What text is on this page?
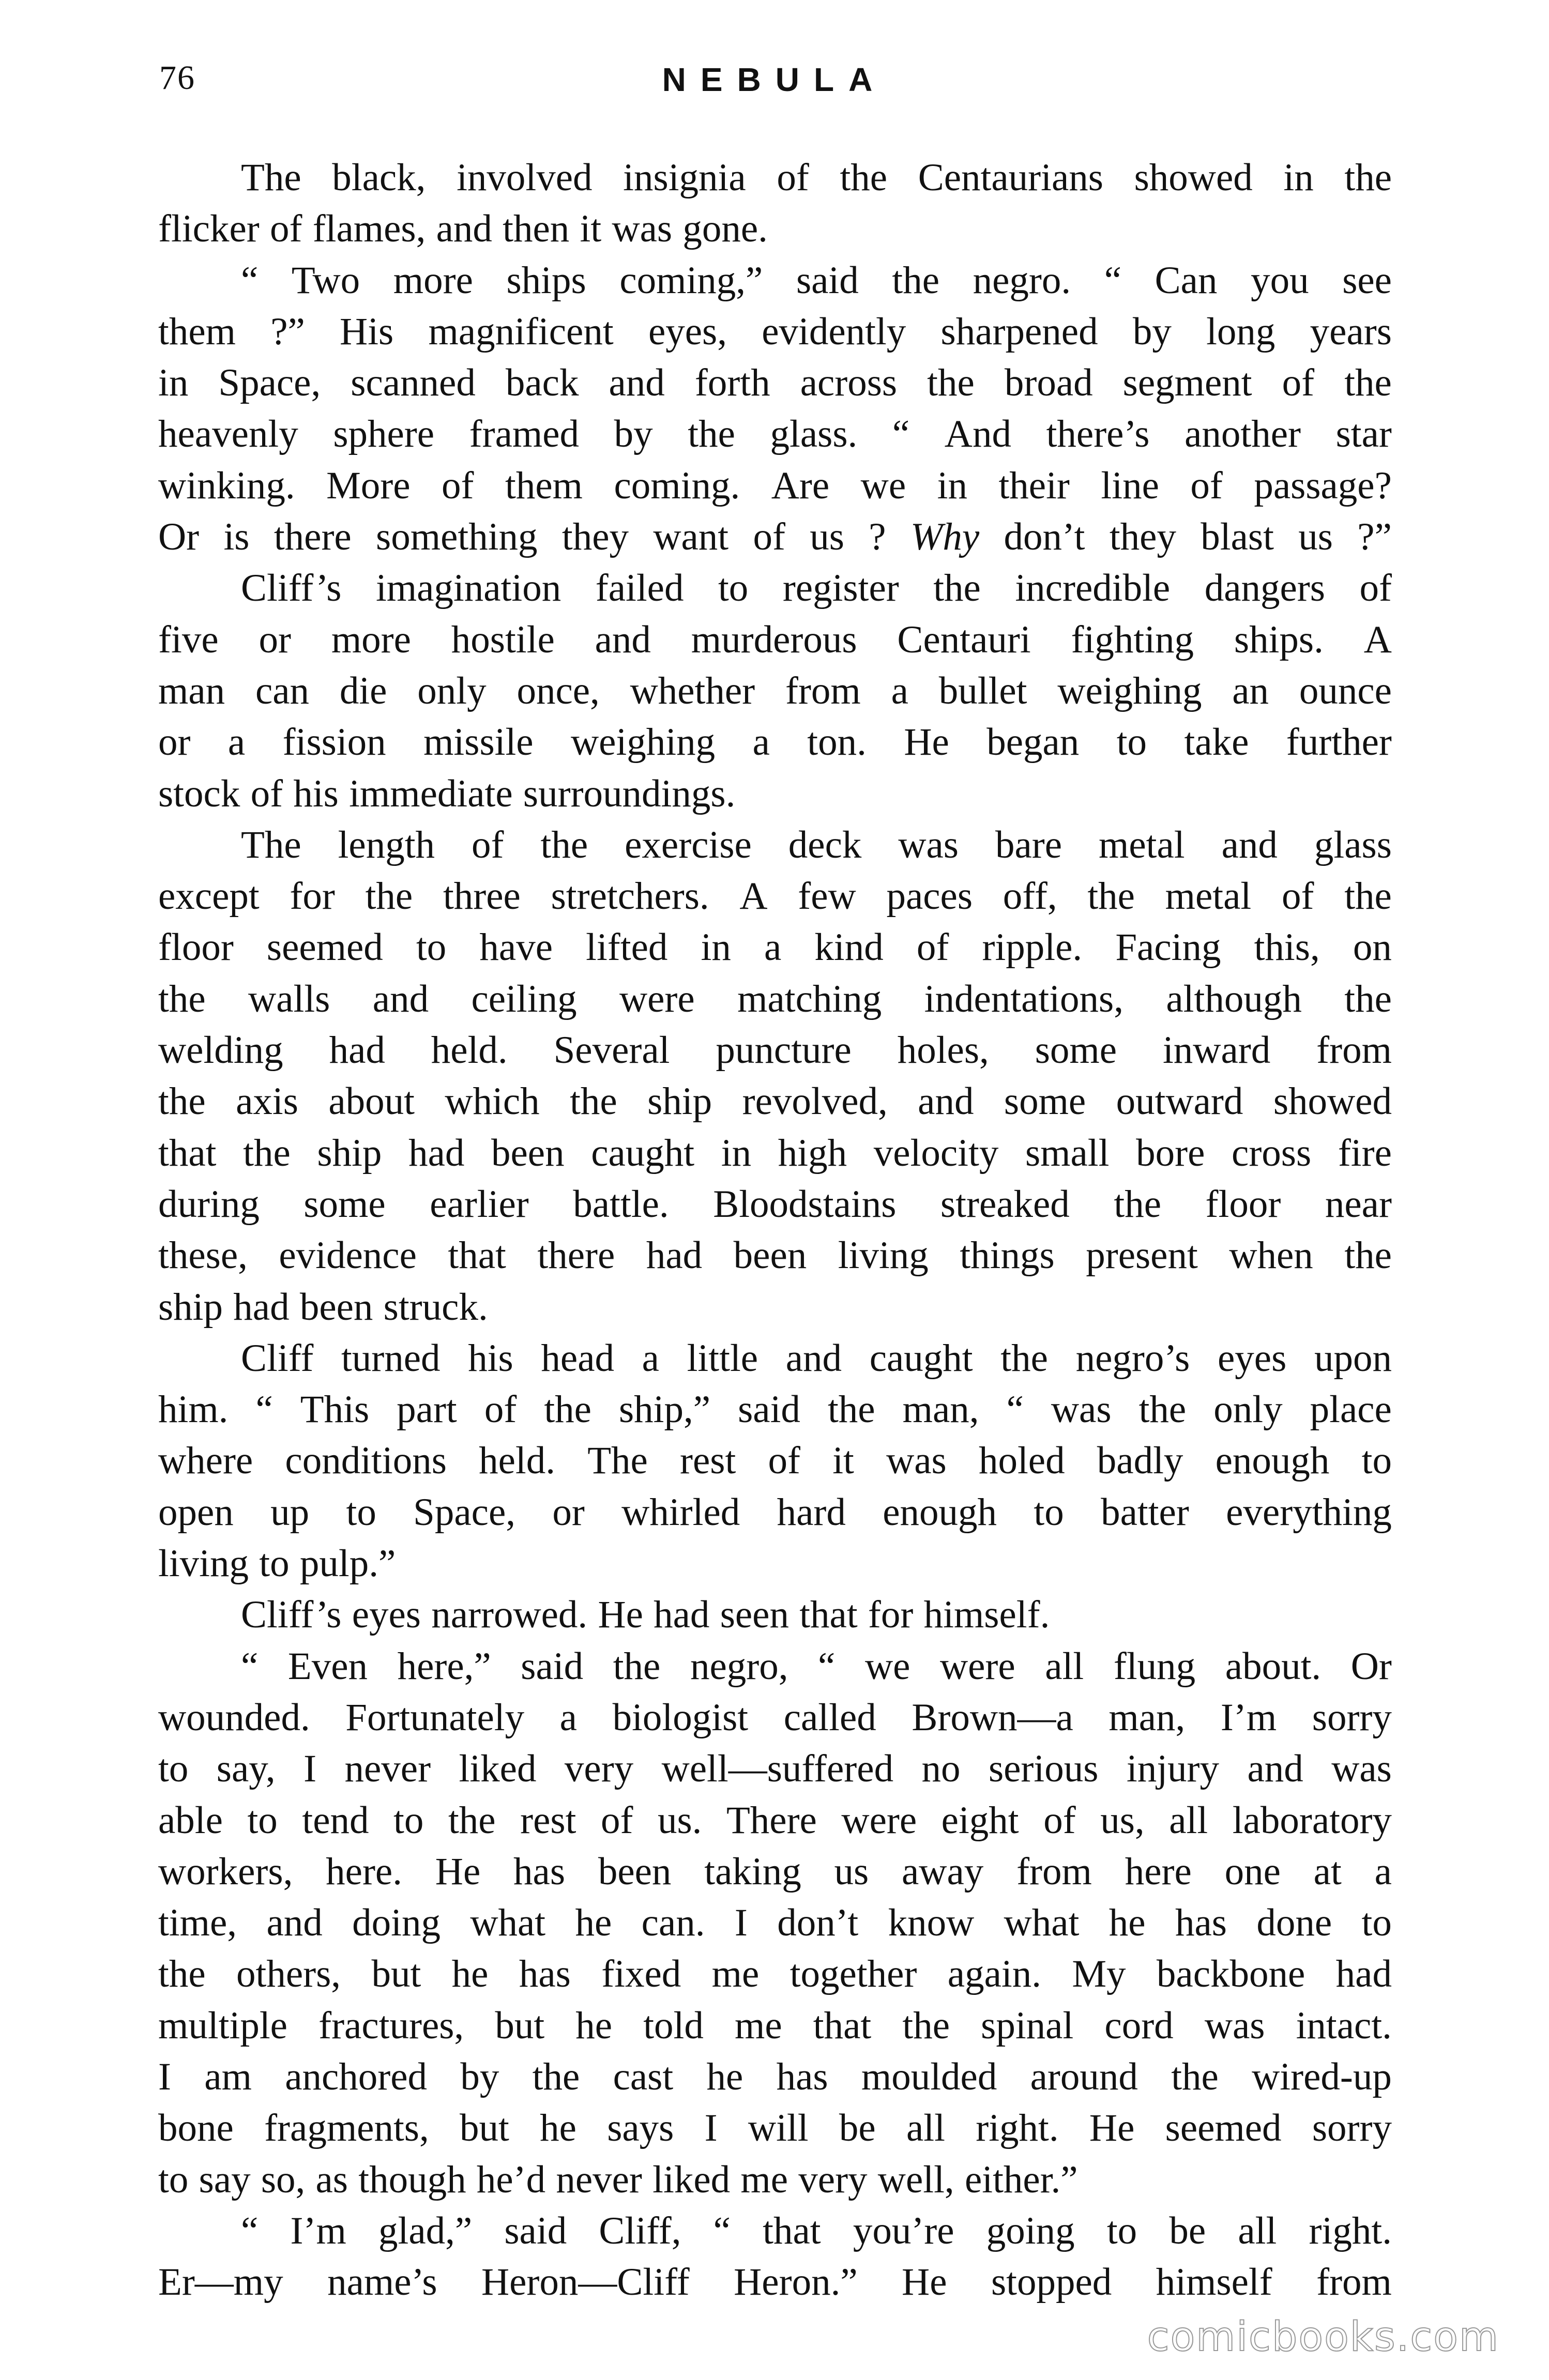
76	NEBULA
The black, involved insignia of the Centaurians showed in the
flicker of flames, and then it was gone.
“ Two more ships coming,” said the negro. “ Can you see
them ?” His magnificent eyes, evidently sharpened by long years
in Space, scanned back and forth across the broad segment of the
heavenly sphere framed by the glass. “ And there’s another star
winking. More of them coming. Are we in their line of passage?
Or is there something they want of us ? Why don’t they blast us ?”
Cliff’s imagination failed to register the incredible dangers of
five or more hostile and murderous Centauri fighting ships. A
man can die only once, whether from a bullet weighing an ounce
or a fission missile weighing a ton. He began to take further
stock of his immediate surroundings.
The length of the exercise deck was bare metal and glass
except for the three stretchers. A few paces off, the metal of the
floor seemed to have lifted in a kind of ripple. Facing this, on
the walls and ceiling were matching indentations, although the
welding had held. Several puncture holes, some inward from
the axis about which the ship revolved, and some outward showed
that the ship had been caught in high velocity small bore cross fire
during some earlier battle. Bloodstains streaked the floor near
these, evidence that there had been living things present when the
ship had been struck.
Cliff turned his head a little and caught the negro’s eyes upon
him. “ This part of the ship,” said the man, “ was the only place
where conditions held. The rest of it was holed badly enough to
open up to Space, or whirled hard enough to batter everything
living to pulp.”
Cliff’s eyes narrowed. He had seen that for himself.
“ Even here,” said the negro, “ we were all flung about. Or
wounded. Fortunately a biologist called Brown—a man, I’m sorry
to say, I never liked very well—suffered no serious injury and was
able to tend to the rest of us. There were eight of us, all laboratory
workers, here. He has been taking us away from here one at a
time, and doing what he can. I don’t know what he has done to
the others, but he has fixed me together again. My backbone had
multiple fractures, but he told me that the spinal cord was intact.
I am anchored by the cast he has moulded around the wired-up
bone fragments, but he says I will be all right. He seemed sorry
to say so, as though he’d never liked me very well, either.”
“ I’m glad,” said Cliff, “ that you’re going to be all right.
Er—my name’s Heron—Cliff Heron.” He stopped himself from
comicbooks.com
